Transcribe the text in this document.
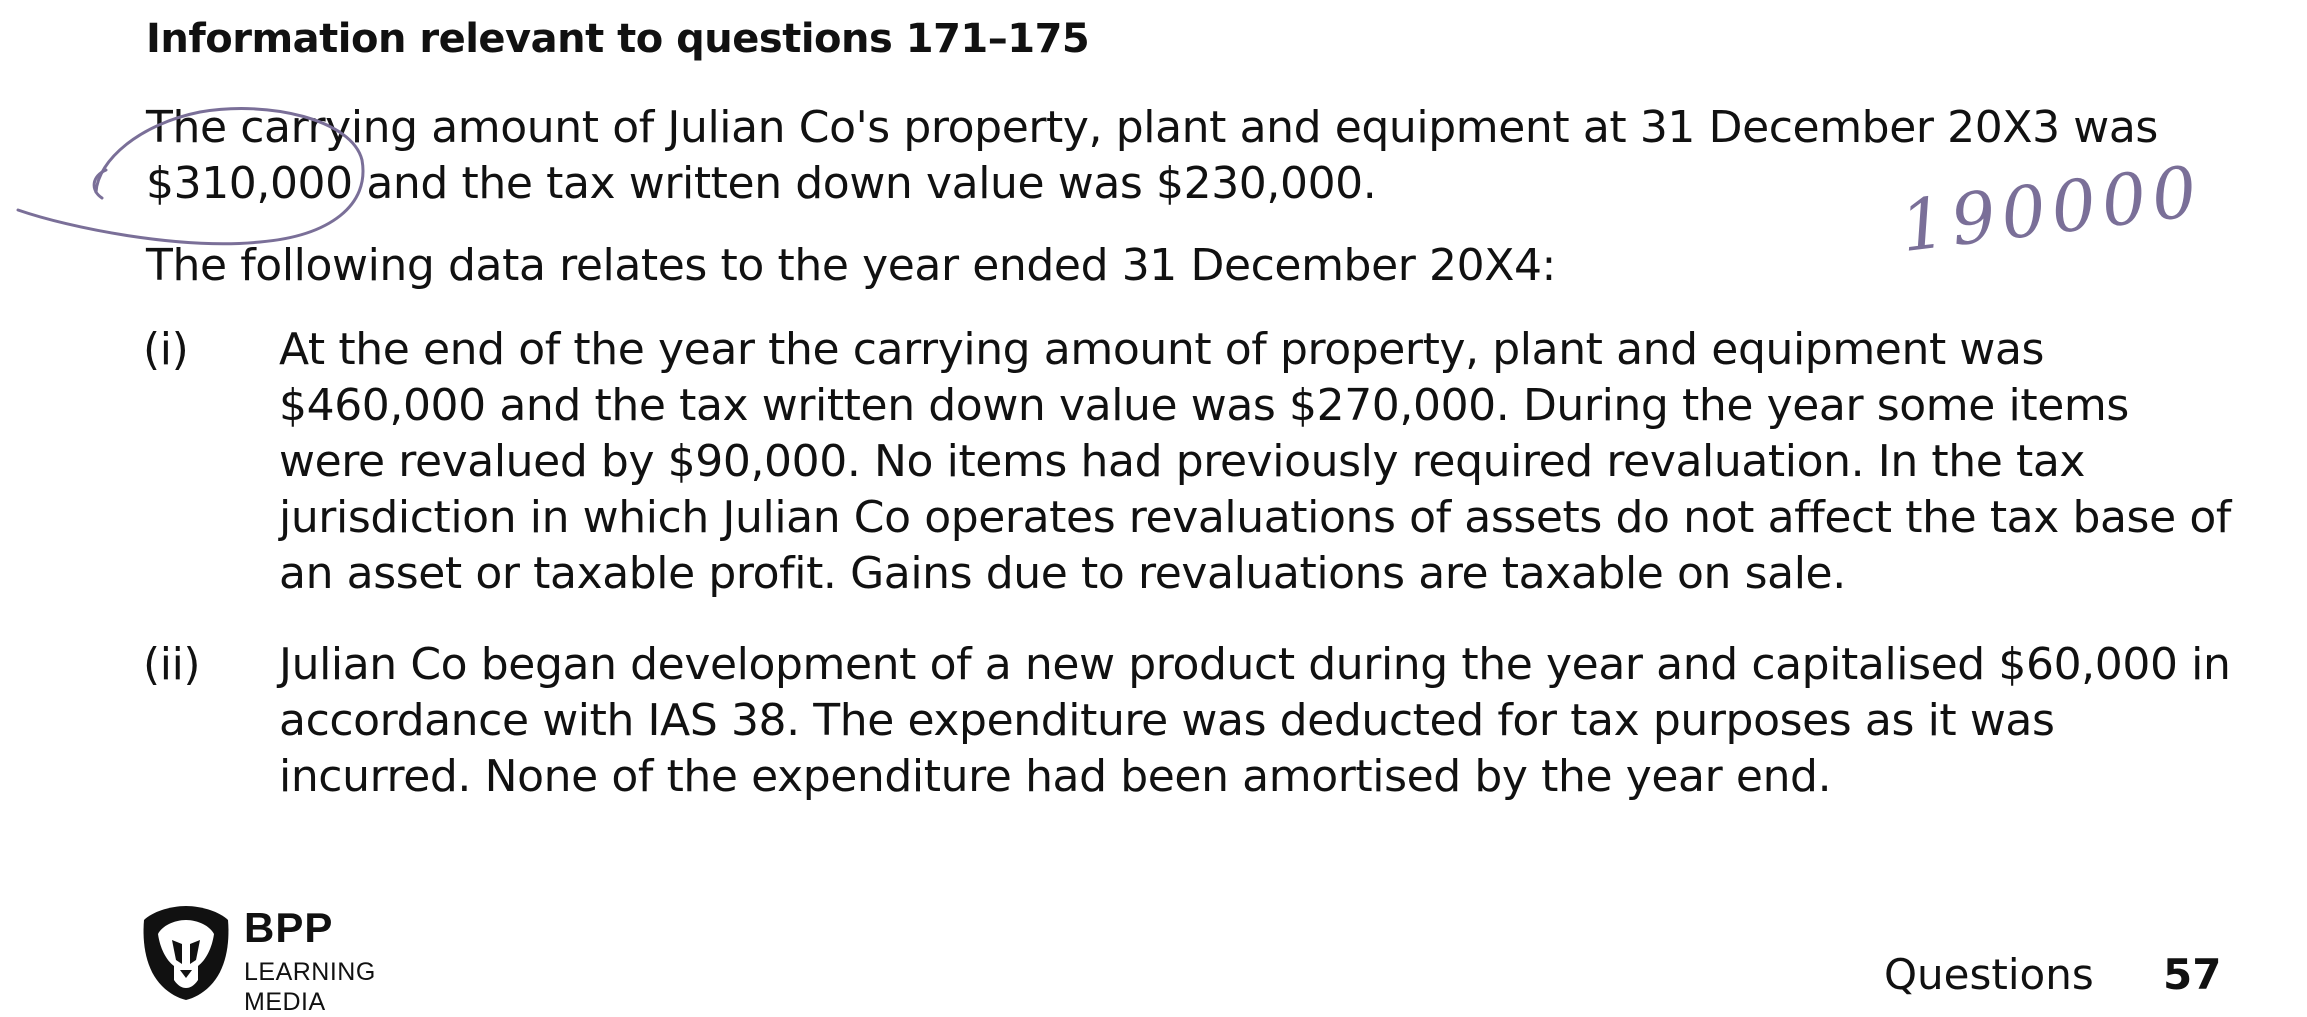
Information relevant to questions 171–175
The carrying amount of Julian Co's property, plant and equipment at 31 December 20X3 was
$310,000 and the tax written down value was $230,000.
The following data relates to the year ended 31 December 20X4:
(i)	At the end of the year the carrying amount of property, plant and equipment was $460,000 and the tax written down value was $270,000. During the year some items were revalued by $90,000. No items had previously required revaluation. In the tax jurisdiction in which Julian Co operates revaluations of assets do not affect the tax base of an asset or taxable profit. Gains due to revaluations are taxable on sale.
(ii)	Julian Co began development of a new product during the year and capitalised $60,000 in accordance with IAS 38. The expenditure was deducted for tax purposes as it was incurred. None of the expenditure had been amortised by the year end.
190000
BPP
LEARNING
MEDIA
Questions 57
